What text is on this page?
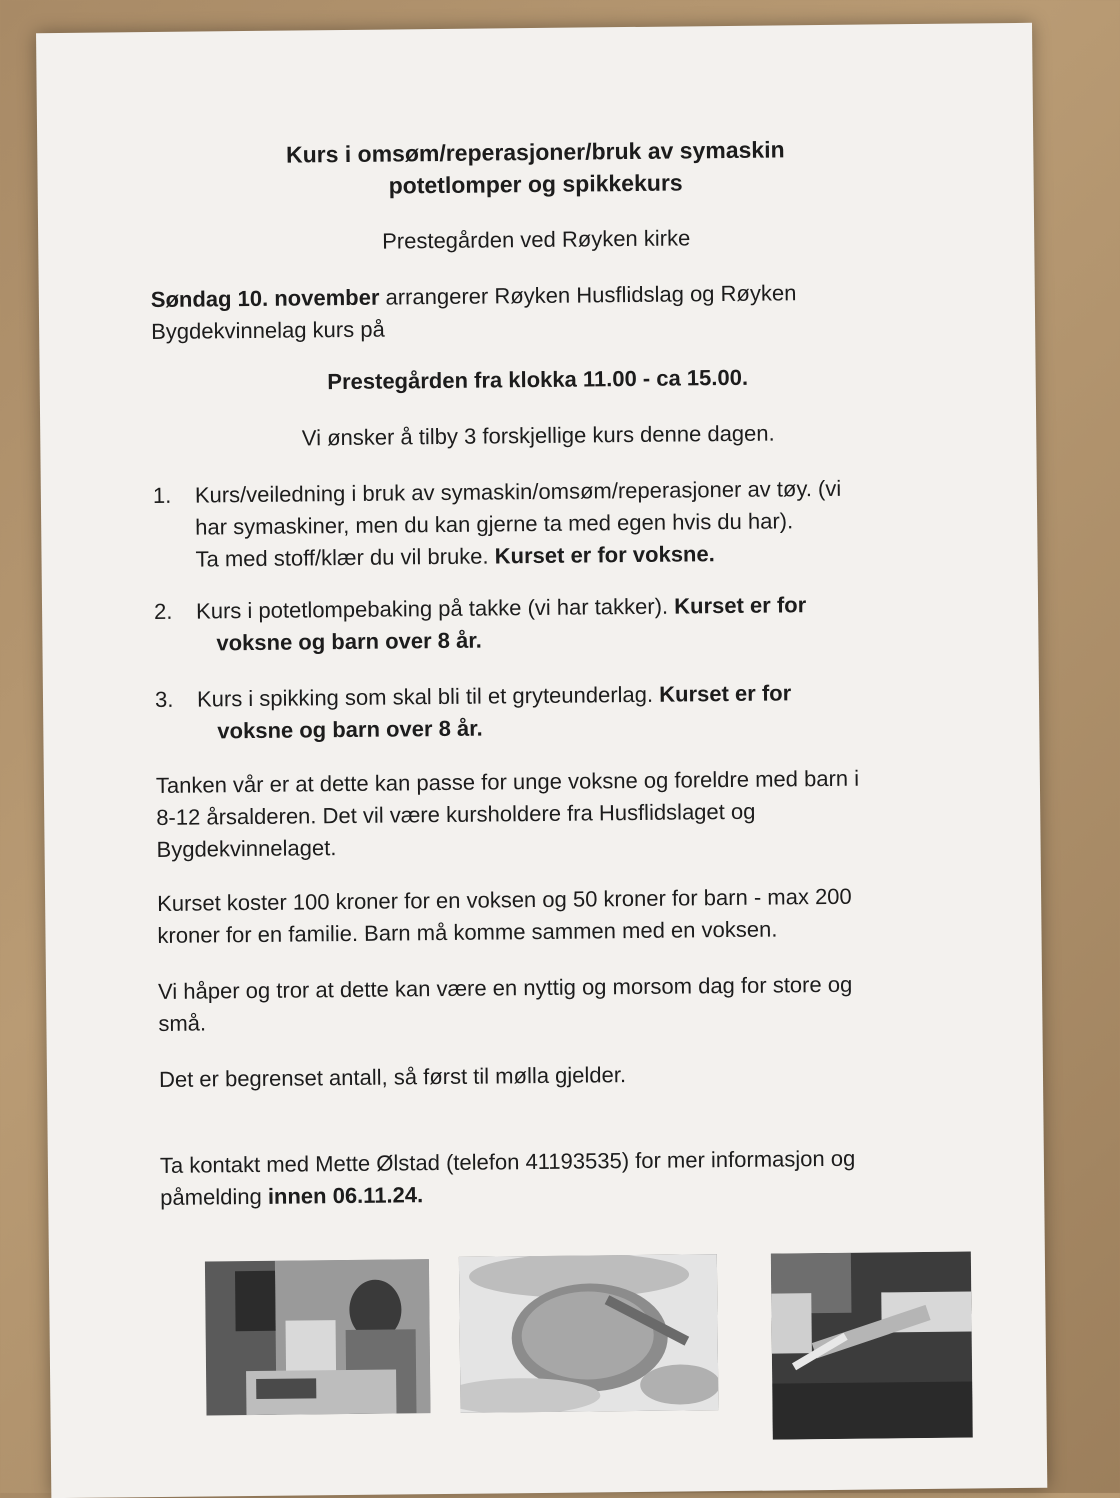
Kurs i omsøm/reperasjoner/bruk av symaskin
potetlomper og spikkekurs
Prestegården ved Røyken kirke
Søndag 10. november arrangerer Røyken Husflidslag og Røyken
Bygdekvinnelag kurs på
Prestegården fra klokka 11.00 - ca 15.00.
Vi ønsker å tilby 3 forskjellige kurs denne dagen.
1. Kurs/veiledning i bruk av symaskin/omsøm/reperasjoner av tøy. (vi
har symaskiner, men du kan gjerne ta med egen hvis du har).
Ta med stoff/klær du vil bruke. Kurset er for voksne.
2. Kurs i potetlompebaking på takke (vi har takker). Kurset er for
voksne og barn over 8 år.
3. Kurs i spikking som skal bli til et gryteunderlag. Kurset er for
voksne og barn over 8 år.
Tanken vår er at dette kan passe for unge voksne og foreldre med barn i
8-12 årsalderen. Det vil være kursholdere fra Husflidslaget og
Bygdekvinnelaget.
Kurset koster 100 kroner for en voksen og 50 kroner for barn - max 200
kroner for en familie. Barn må komme sammen med en voksen.
Vi håper og tror at dette kan være en nyttig og morsom dag for store og
små.
Det er begrenset antall, så først til mølla gjelder.
Ta kontakt med Mette Ølstad (telefon 41193535) for mer informasjon og
påmelding innen 06.11.24.
